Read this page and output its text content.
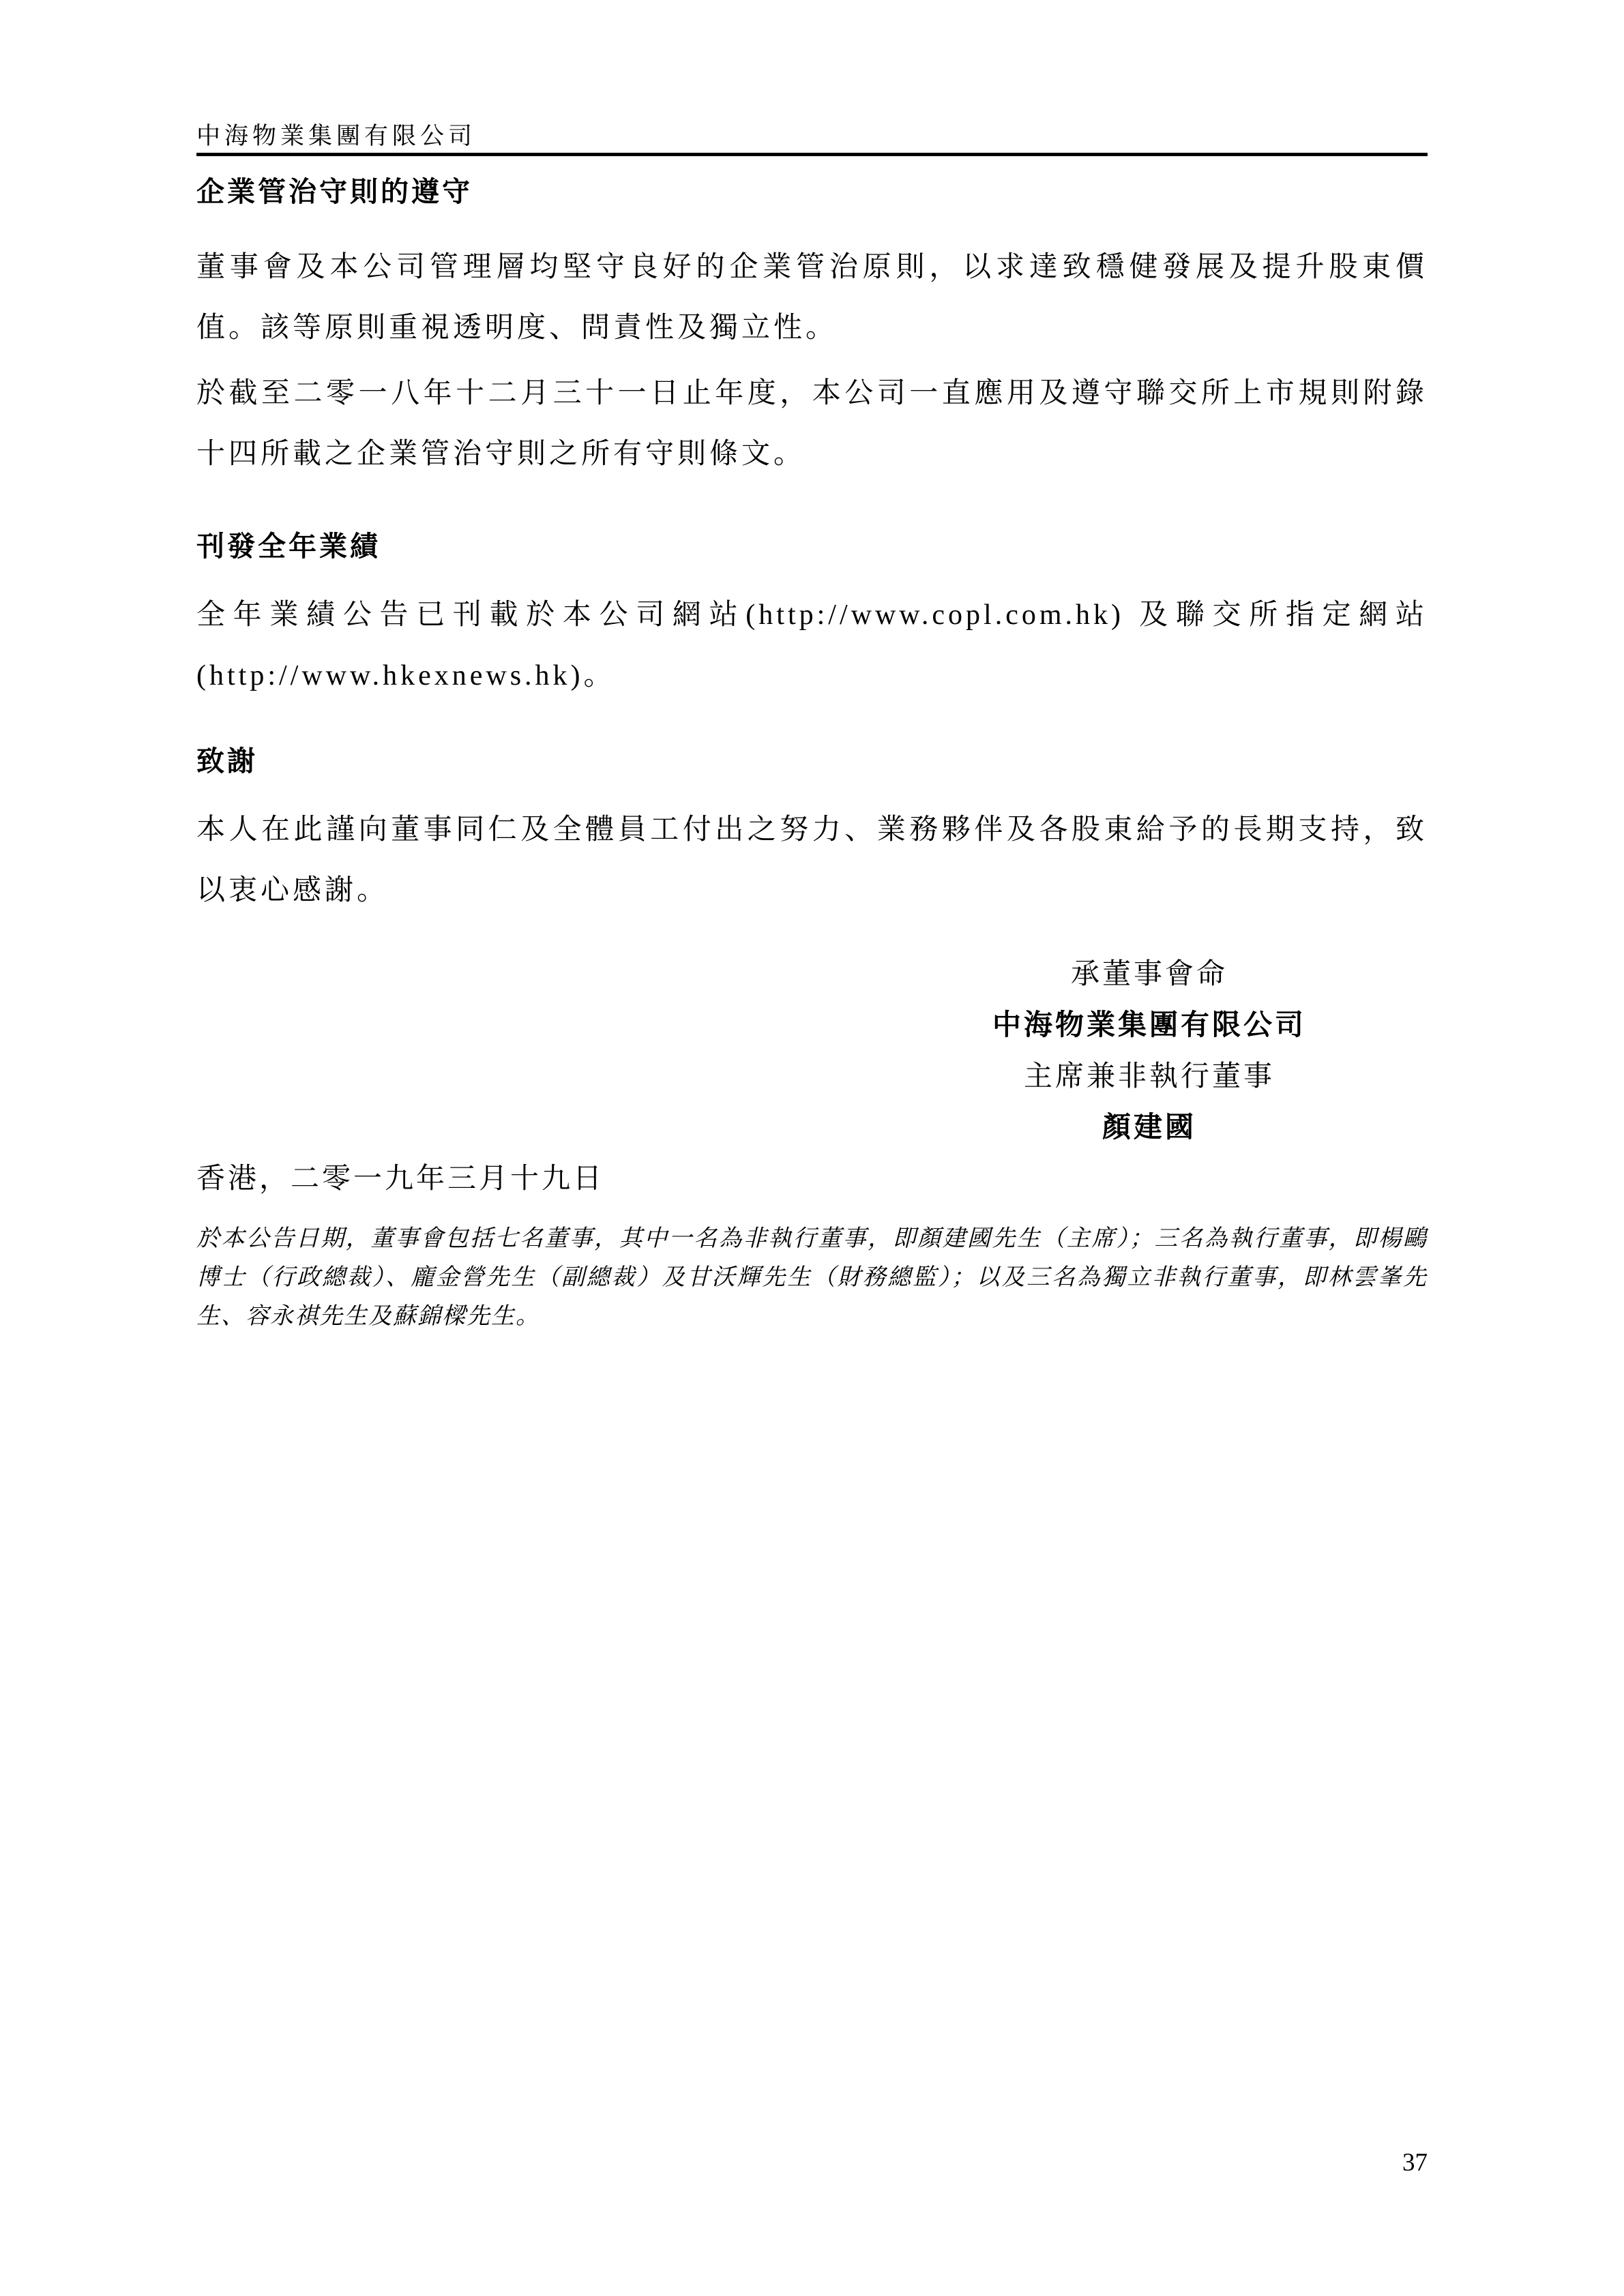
中海物業集團有限公司
企業管治守則的遵守
董事會及本公司管理層均堅守良好的企業管治原則，以求達致穩健發展及提升股東價值。該等原則重視透明度、問責性及獨立性。
於截至二零一八年十二月三十一日止年度，本公司一直應用及遵守聯交所上市規則附錄十四所載之企業管治守則之所有守則條文。
刊發全年業績
全年業績公告已刊載於本公司網站(http://www.copl.com.hk) 及聯交所指定網站(http://www.hkexnews.hk)。
致謝
本人在此謹向董事同仁及全體員工付出之努力、業務夥伴及各股東給予的長期支持，致以衷心感謝。
承董事會命
中海物業集團有限公司
主席兼非執行董事
顏建國
香港，二零一九年三月十九日
於本公告日期，董事會包括七名董事，其中一名為非執行董事，即顏建國先生（主席）；三名為執行董事，即楊鷗博士（行政總裁）、龐金營先生（副總裁）及甘沃輝先生（財務總監）；以及三名為獨立非執行董事，即林雲峯先生、容永祺先生及蘇錦樑先生。
37
